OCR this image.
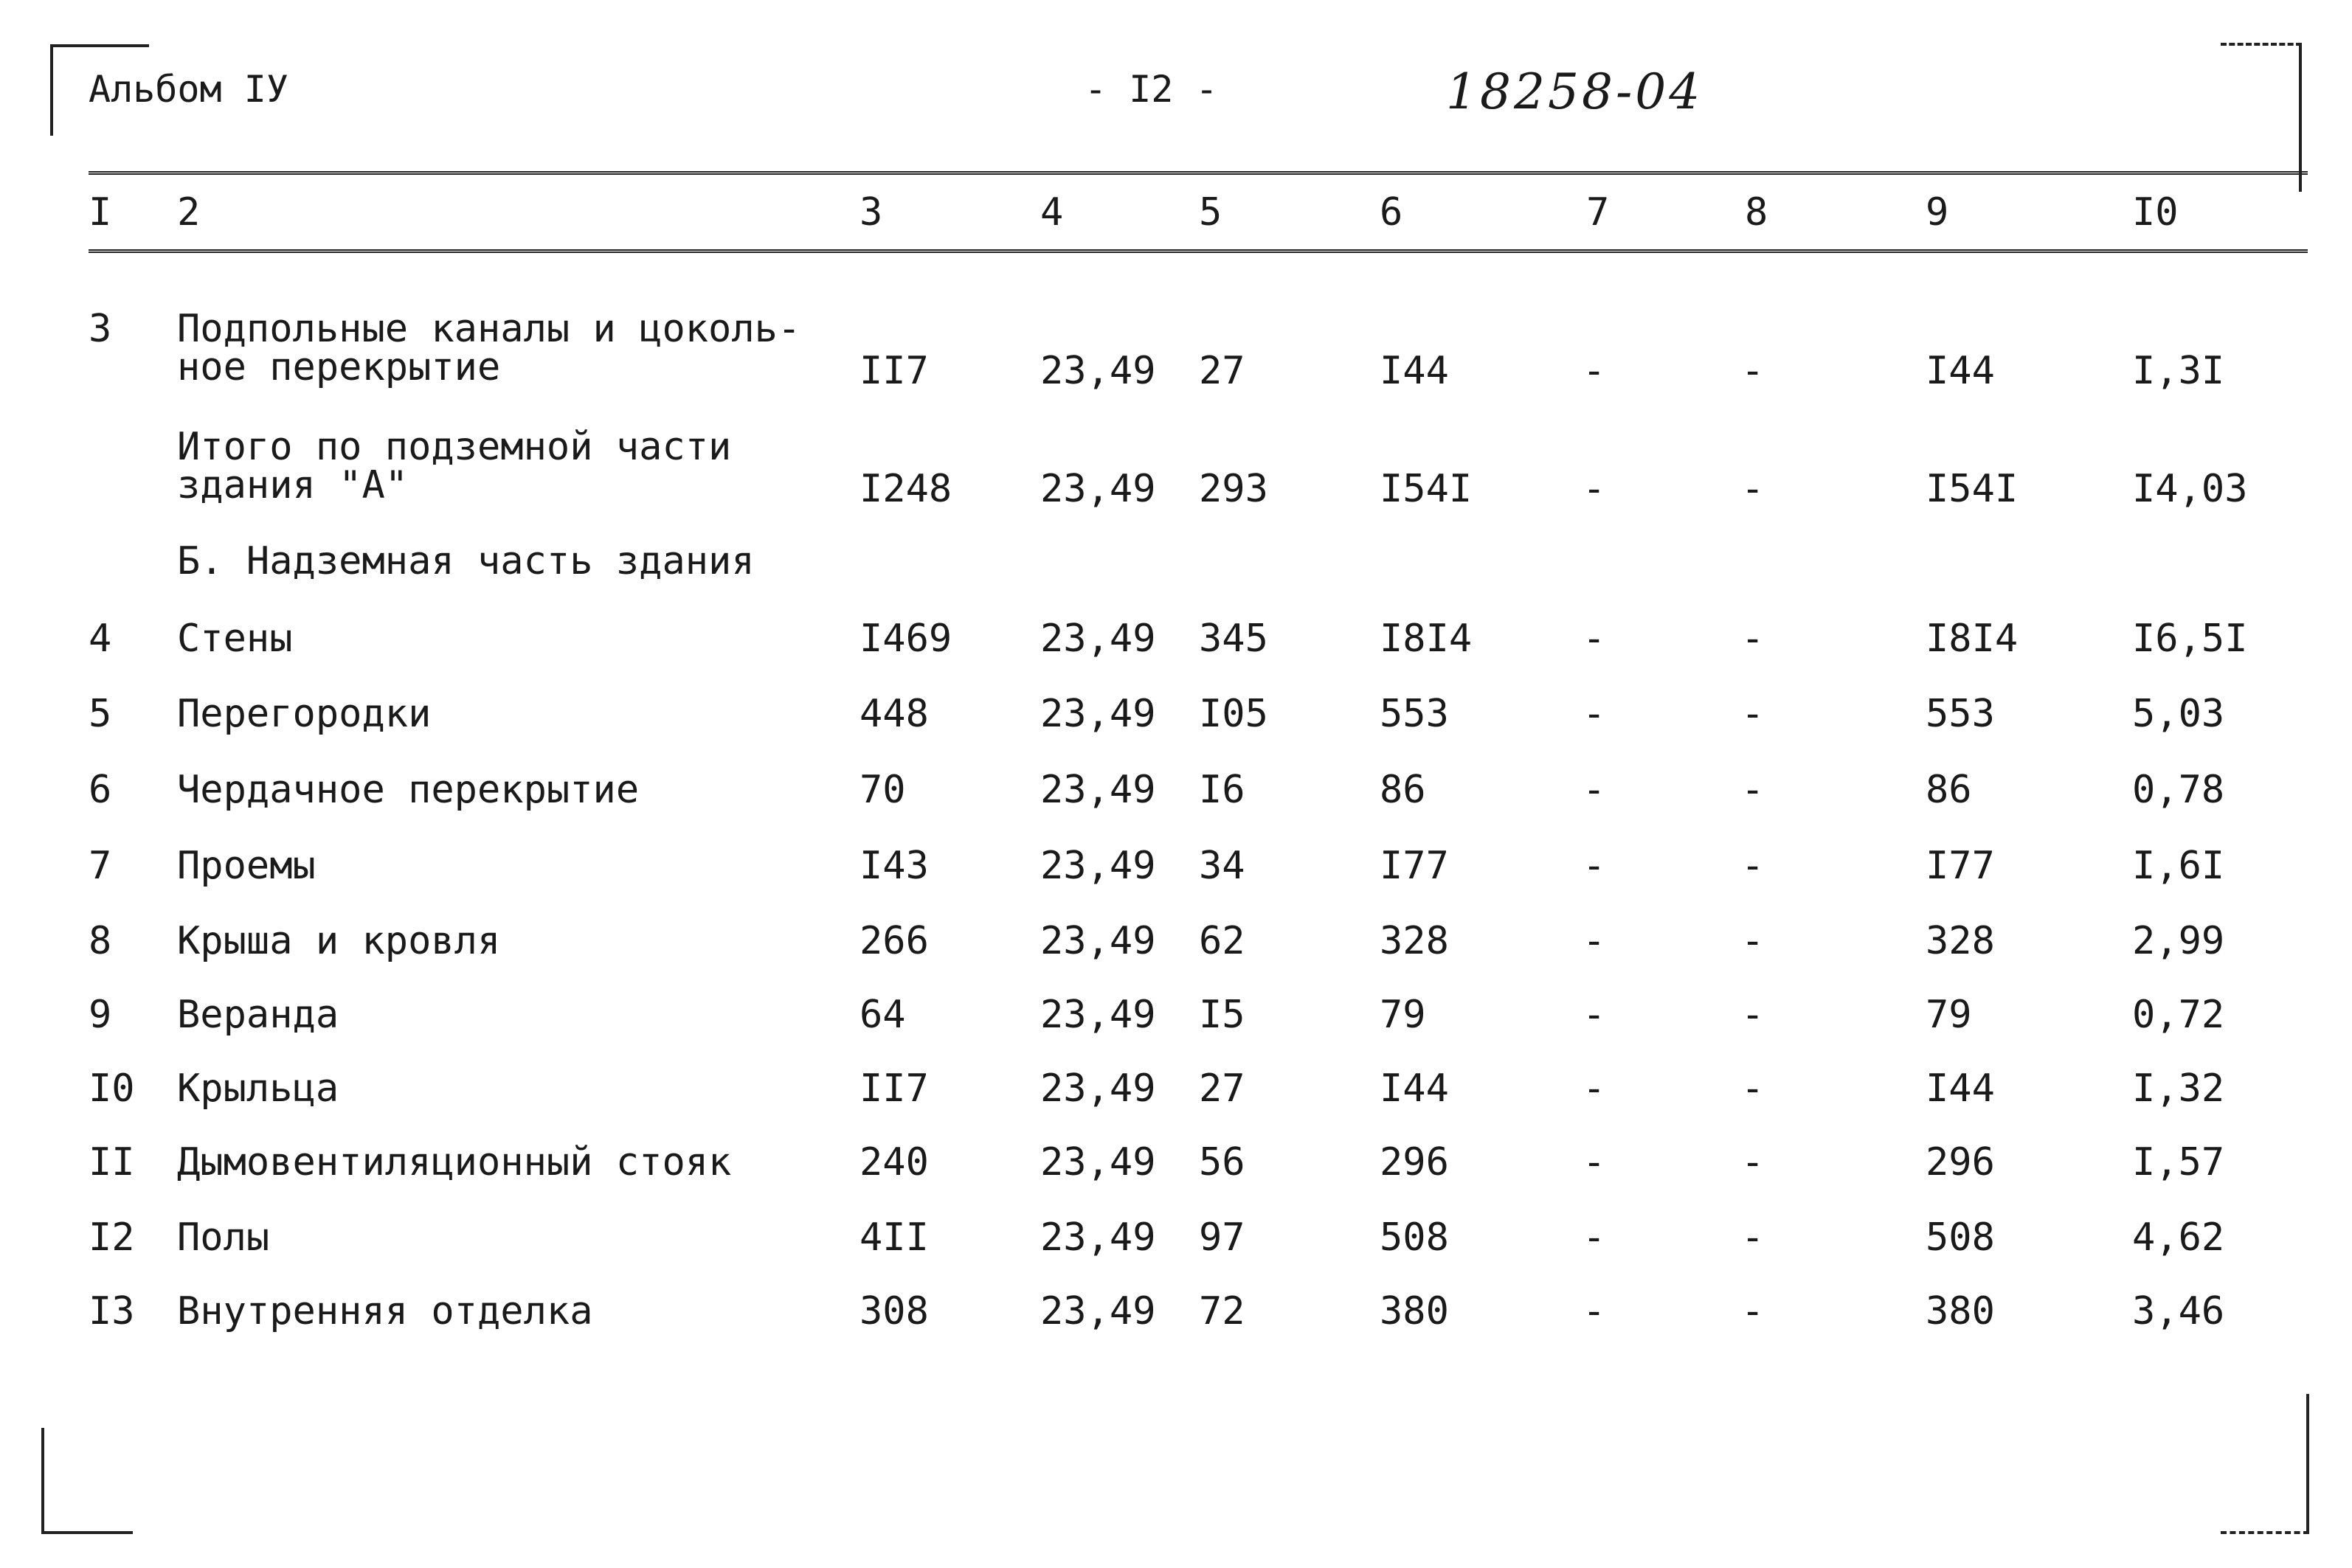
Альбом IУ	- I2 -	18258-04
I 2	3	4	5	6	7	8	9	I0
3 Подпольные каналы и цоколь-
ное перекрытие	II7	23,49 27	I44	-	-	I44	I,3I
Итого по подземной части
здания "А"	I248 23,49 293	I54I	-	-	I54I	I4,03
Б. Надземная часть здания
4 Стены	I469 23,49 345	I8I4	-	-	I8I4	I6,5I
5 Перегородки	448	23,49 I05	553	-	-	553	5,03
6 Чердачное перекрытие	70	23,49 I6	86	-	-	86	0,78
7 Проемы	I43	23,49 34	I77	-	-	I77	I,6I
8 Крыша и кровля	266	23,49 62	328	-	-	328	2,99
9 Веранда	64	23,49 I5	79	-	-	79	0,72
I0 Крыльца	II7	23,49 27	I44	-	-	I44	I,32
II Дымовентиляционный стояк	240	23,49 56	296	-	-	296	I,57
I2 Полы	4II	23,49 97	508	-	-	508	4,62
I3 Внутренняя отделка	308	23,49 72	380	-	-	380	3,46
